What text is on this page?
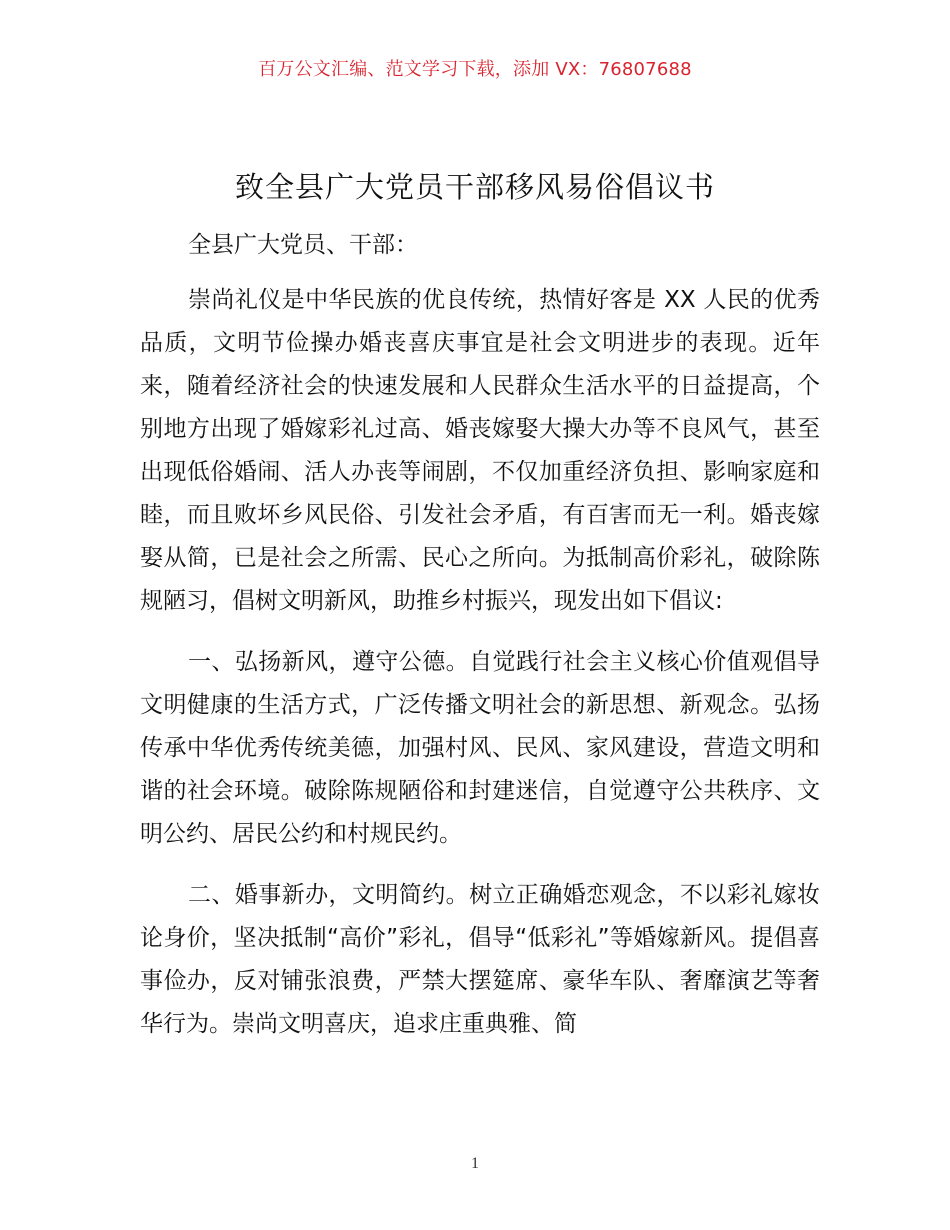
百万公文汇编、范文学习下载，添加 VX：76807688
致全县广大党员干部移风易俗倡议书

全县广大党员、干部：

崇尚礼仪是中华民族的优良传统，热情好客是 XX 人民的优秀品质，文明节俭操办婚丧喜庆事宜是社会文明进步的表现。近年来，随着经济社会的快速发展和人民群众生活水平的日益提高，个别地方出现了婚嫁彩礼过高、婚丧嫁娶大操大办等不良风气，甚至出现低俗婚闹、活人办丧等闹剧，不仅加重经济负担、影响家庭和睦，而且败坏乡风民俗、引发社会矛盾，有百害而无一利。婚丧嫁娶从简，已是社会之所需、民心之所向。为抵制高价彩礼，破除陈规陋习，倡树文明新风，助推乡村振兴，现发出如下倡议:

一、弘扬新风，遵守公德。自觉践行社会主义核心价值观倡导文明健康的生活方式，广泛传播文明社会的新思想、新观念。弘扬传承中华优秀传统美德，加强村风、民风、家风建设，营造文明和谐的社会环境。破除陈规陋俗和封建迷信，自觉遵守公共秩序、文明公约、居民公约和村规民约。

二、婚事新办，文明简约。树立正确婚恋观念，不以彩礼嫁妆论身价，坚决抵制“高价”彩礼，倡导“低彩礼”等婚嫁新风。提倡喜事俭办，反对铺张浪费，严禁大摆筵席、豪华车队、奢靡演艺等奢华行为。崇尚文明喜庆，追求庄重典雅、简

1
